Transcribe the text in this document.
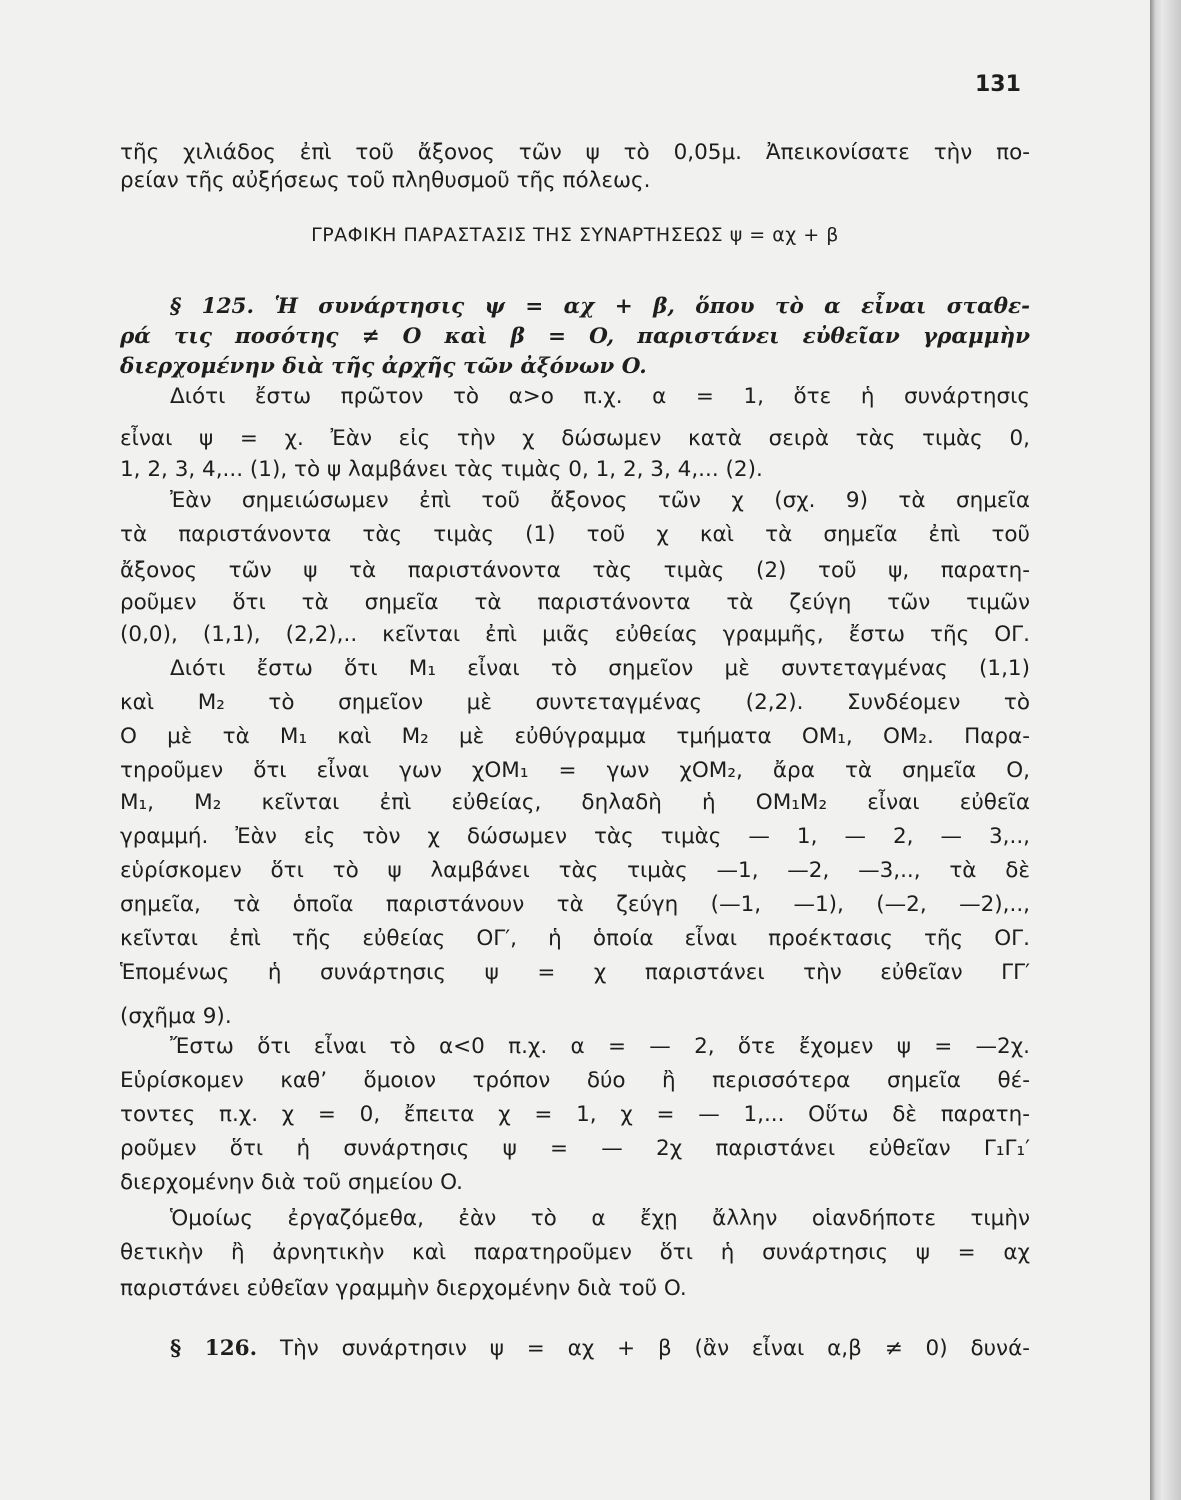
131
τῆς χιλιάδος ἐπὶ τοῦ ἄξονος τῶν ψ τὸ 0,05μ. Ἀπεικονίσατε τὴν πο-
ρείαν τῆς αὐξήσεως τοῦ πληθυσμοῦ τῆς πόλεως.
ΓΡΑΦΙΚΗ ΠΑΡΑΣΤΑΣΙΣ ΤΗΣ ΣΥΝΑΡΤΗΣΕΩΣ ψ = αχ + β
§ 125. Ἡ συνάρτησις ψ = αχ + β, ὅπου τὸ α εἶναι σταθε-
ρά τις ποσότης ≠ O καὶ β = O, παριστάνει εὐθεῖαν γραμμὴν
διερχομένην διὰ τῆς ἀρχῆς τῶν ἀξόνων O.
Διότι ἔστω πρῶτον τὸ α>ο π.χ. α = 1, ὅτε ἡ συνάρτησις
εἶναι ψ = χ. Ἐὰν εἰς τὴν χ δώσωμεν κατὰ σειρὰ τὰς τιμὰς 0,
1, 2, 3, 4,... (1), τὸ ψ λαμβάνει τὰς τιμὰς 0, 1, 2, 3, 4,... (2).
Ἐὰν σημειώσωμεν ἐπὶ τοῦ ἄξονος τῶν χ (σχ. 9) τὰ σημεῖα
τὰ παριστάνοντα τὰς τιμὰς (1) τοῦ χ καὶ τὰ σημεῖα ἐπὶ τοῦ
ἄξονος τῶν ψ τὰ παριστάνοντα τὰς τιμὰς (2) τοῦ ψ, παρατη-
ροῦμεν ὅτι τὰ σημεῖα τὰ παριστάνοντα τὰ ζεύγη τῶν τιμῶν
(0,0), (1,1), (2,2),.. κεῖνται ἐπὶ μιᾶς εὐθείας γραμμῆς, ἔστω τῆς OΓ.
Διότι ἔστω ὅτι M₁ εἶναι τὸ σημεῖον μὲ συντεταγμένας (1,1)
καὶ M₂ τὸ σημεῖον μὲ συντεταγμένας (2,2). Συνδέομεν τὸ
O μὲ τὰ M₁ καὶ M₂ μὲ εὐθύγραμμα τμήματα OM₁, OM₂. Παρα-
τηροῦμεν ὅτι εἶναι γων χOM₁ = γων χOM₂, ἄρα τὰ σημεῖα O,
M₁, M₂ κεῖνται ἐπὶ εὐθείας, δηλαδὴ ἡ OM₁M₂ εἶναι εὐθεῖα
γραμμή. Ἐὰν εἰς τὸν χ δώσωμεν τὰς τιμὰς — 1, — 2, — 3,..,
εὑρίσκομεν ὅτι τὸ ψ λαμβάνει τὰς τιμὰς —1, —2, —3,.., τὰ δὲ
σημεῖα, τὰ ὁποῖα παριστάνουν τὰ ζεύγη (—1, —1), (—2, —2),..,
κεῖνται ἐπὶ τῆς εὐθείας OΓ′, ἡ ὁποία εἶναι προέκτασις τῆς OΓ.
Ἑπομένως ἡ συνάρτησις ψ = χ παριστάνει τὴν εὐθεῖαν ΓΓ′
(σχῆμα 9).
Ἔστω ὅτι εἶναι τὸ α<0 π.χ. α = — 2, ὅτε ἔχομεν ψ = —2χ.
Εὑρίσκομεν καθ’ ὅμοιον τρόπον δύο ἢ περισσότερα σημεῖα θέ-
τοντες π.χ. χ = 0, ἔπειτα χ = 1, χ = — 1,... Οὕτω δὲ παρατη-
ροῦμεν ὅτι ἡ συνάρτησις ψ = — 2χ παριστάνει εὐθεῖαν Γ₁Γ₁′
διερχομένην διὰ τοῦ σημείου O.
Ὁμοίως ἐργαζόμεθα, ἐὰν τὸ α ἔχῃ ἄλλην οἱανδήποτε τιμὴν
θετικὴν ἢ ἀρνητικὴν καὶ παρατηροῦμεν ὅτι ἡ συνάρτησις ψ = αχ
παριστάνει εὐθεῖαν γραμμὴν διερχομένην διὰ τοῦ O.
§ 126. Τὴν συνάρτησιν ψ = αχ + β (ἂν εἶναι α,β ≠ 0) δυνά-
